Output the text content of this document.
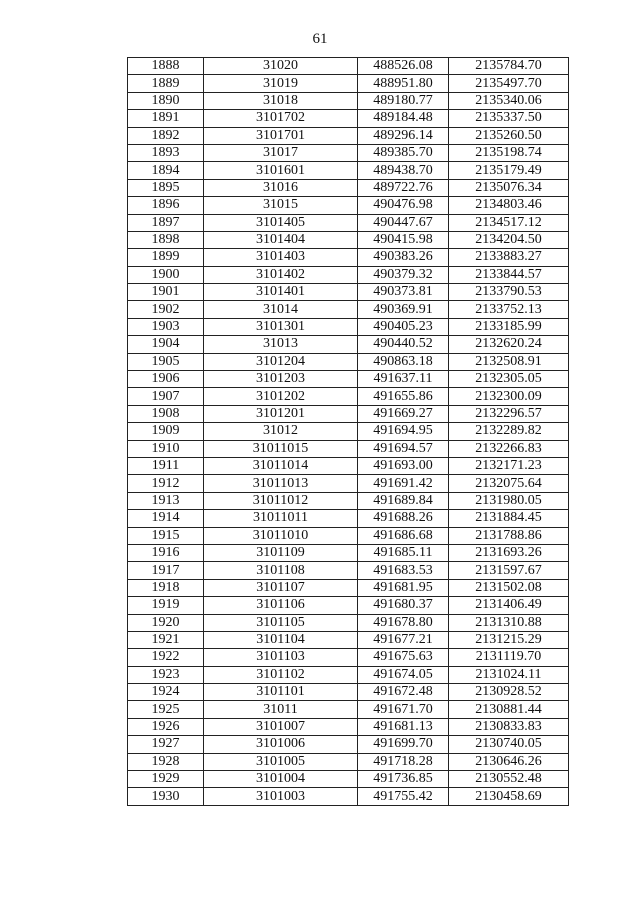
61
1888	31020	488526.08	2135784.70
1889	31019	488951.80	2135497.70
1890	31018	489180.77	2135340.06
1891	3101702	489184.48	2135337.50
1892	3101701	489296.14	2135260.50
1893	31017	489385.70	2135198.74
1894	3101601	489438.70	2135179.49
1895	31016	489722.76	2135076.34
1896	31015	490476.98	2134803.46
1897	3101405	490447.67	2134517.12
1898	3101404	490415.98	2134204.50
1899	3101403	490383.26	2133883.27
1900	3101402	490379.32	2133844.57
1901	3101401	490373.81	2133790.53
1902	31014	490369.91	2133752.13
1903	3101301	490405.23	2133185.99
1904	31013	490440.52	2132620.24
1905	3101204	490863.18	2132508.91
1906	3101203	491637.11	2132305.05
1907	3101202	491655.86	2132300.09
1908	3101201	491669.27	2132296.57
1909	31012	491694.95	2132289.82
1910	31011015	491694.57	2132266.83
1911	31011014	491693.00	2132171.23
1912	31011013	491691.42	2132075.64
1913	31011012	491689.84	2131980.05
1914	31011011	491688.26	2131884.45
1915	31011010	491686.68	2131788.86
1916	3101109	491685.11	2131693.26
1917	3101108	491683.53	2131597.67
1918	3101107	491681.95	2131502.08
1919	3101106	491680.37	2131406.49
1920	3101105	491678.80	2131310.88
1921	3101104	491677.21	2131215.29
1922	3101103	491675.63	2131119.70
1923	3101102	491674.05	2131024.11
1924	3101101	491672.48	2130928.52
1925	31011	491671.70	2130881.44
1926	3101007	491681.13	2130833.83
1927	3101006	491699.70	2130740.05
1928	3101005	491718.28	2130646.26
1929	3101004	491736.85	2130552.48
1930	3101003	491755.42	2130458.69
